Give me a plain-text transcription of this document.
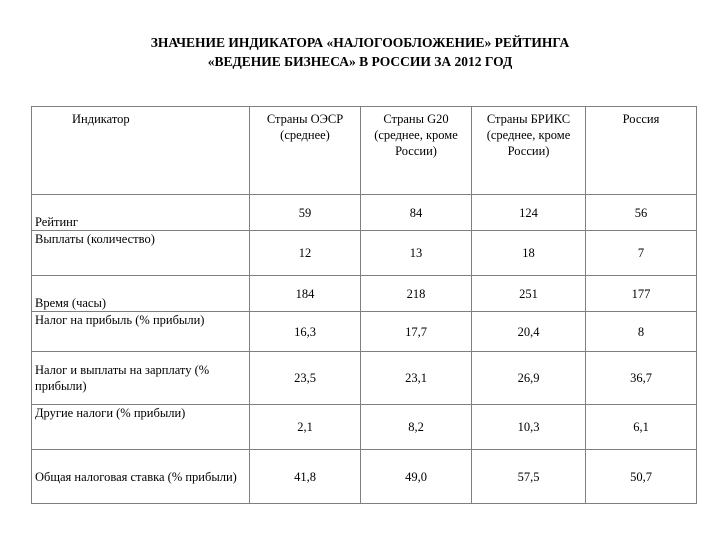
ЗНАЧЕНИЕ ИНДИКАТОРА «НАЛОГООБЛОЖЕНИЕ» РЕЙТИНГА
«ВЕДЕНИЕ БИЗНЕСА» В РОССИИ ЗА 2012 ГОД
Индикатор	Страны ОЭСР (среднее)	Страны G20 (среднее, кроме России)	Страны БРИКС (среднее, кроме России)	Россия
Рейтинг	59	84	124	56
Выплаты (количество)	12	13	18	7
Время (часы)	184	218	251	177
Налог на прибыль (% прибыли)	16,3	17,7	20,4	8
Налог и выплаты на зарплату (% прибыли)	23,5	23,1	26,9	36,7
Другие налоги (% прибыли)	2,1	8,2	10,3	6,1
Общая налоговая ставка (% прибыли)	41,8	49,0	57,5	50,7
